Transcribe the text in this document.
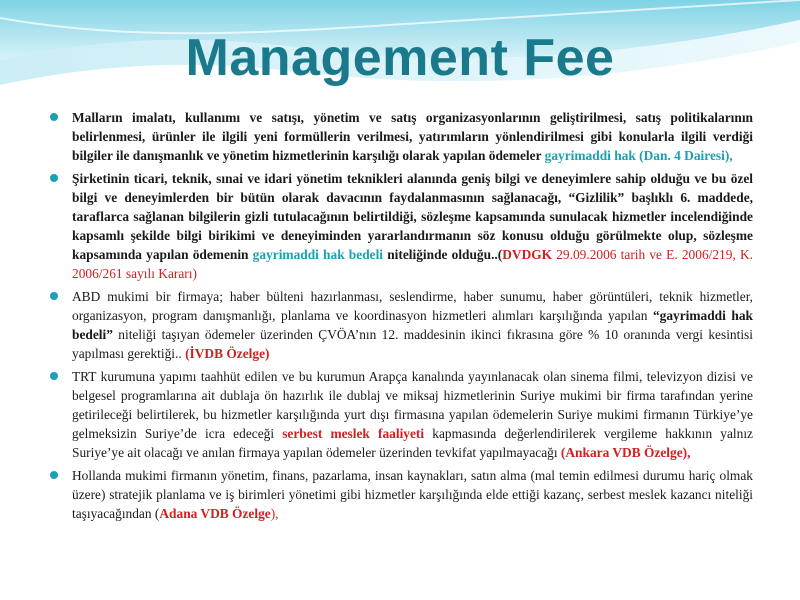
Management Fee
Malların imalatı, kullanımı ve satışı, yönetim ve satış organizasyonlarının geliştirilmesi, satış politikalarının belirlenmesi, ürünler ile ilgili yeni formüllerin verilmesi, yatırımların yönlendirilmesi gibi konularla ilgili verdiği bilgiler ile danışmanlık ve yönetim hizmetlerinin karşılığı olarak yapılan ödemeler gayrimaddi hak (Dan. 4 Dairesi),
Şirketinin ticari, teknik, sınai ve idari yönetim teknikleri alanında geniş bilgi ve deneyimlere sahip olduğu ve bu özel bilgi ve deneyimlerden bir bütün olarak davacının faydalanmasının sağlanacağı, “Gizlilik” başlıklı 6. maddede, taraflarca sağlanan bilgilerin gizli tutulacağının belirtildiği, sözleşme kapsamında sunulacak hizmetler incelendiğinde kapsamlı şekilde bilgi birikimi ve deneyiminden yararlandırmanın söz konusu olduğu görülmekte olup, sözleşme kapsamında yapılan ödemenin gayrimaddi hak bedeli niteliğinde olduğu..(DVDGK 29.09.2006 tarih ve E. 2006/219, K. 2006/261 sayılı Kararı)
ABD mukimi bir firmaya; haber bülteni hazırlanması, seslendirme, haber sunumu, haber görüntüleri, teknik hizmetler, organizasyon, program danışmanlığı, planlama ve koordinasyon hizmetleri alımları karşılığında yapılan “gayrimaddi hak bedeli” niteliği taşıyan ödemeler üzerinden ÇVÖA’nın 12. maddesinin ikinci fıkrasına göre % 10 oranında vergi kesintisi yapılması gerektiği.. (İVDB Özelge)
TRT kurumuna yapımı taahhüt edilen ve bu kurumun Arapça kanalında yayınlanacak olan sinema filmi, televizyon dizisi ve belgesel programlarına ait dublaja ön hazırlık ile dublaj ve miksaj hizmetlerinin Suriye mukimi bir firma tarafından yerine getirileceği belirtilerek, bu hizmetler karşılığında yurt dışı firmasına yapılan ödemelerin Suriye mukimi firmanın Türkiye’ye gelmeksizin Suriye’de icra edeceği serbest meslek faaliyeti kapmasında değerlendirilerek vergileme hakkının yalnız Suriye’ye ait olacağı ve anılan firmaya yapılan ödemeler üzerinden tevkifat yapılmayacağı (Ankara VDB Özelge),
Hollanda mukimi firmanın yönetim, finans, pazarlama, insan kaynakları, satın alma (mal temin edilmesi durumu hariç olmak üzere) stratejik planlama ve iş birimleri yönetimi gibi hizmetler karşılığında elde ettiği kazanç, serbest meslek kazancı niteliği taşıyacağından (Adana VDB Özelge),
